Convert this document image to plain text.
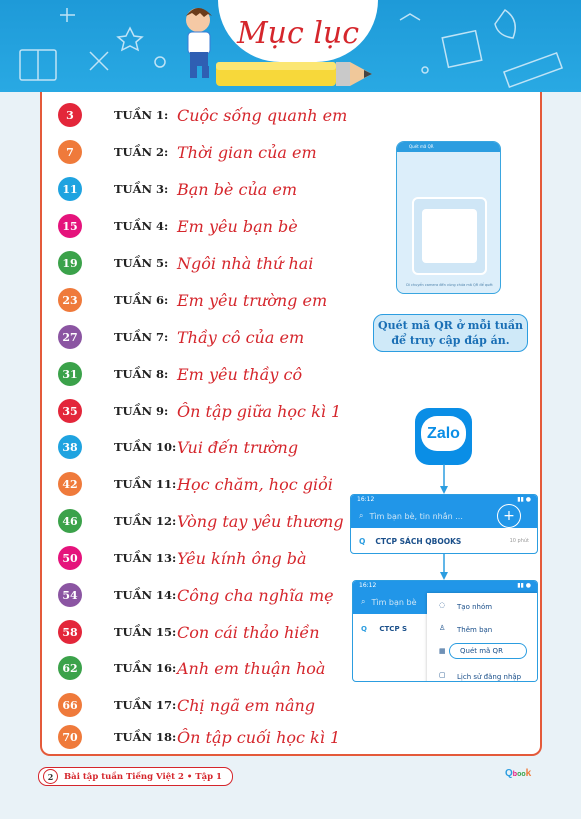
Mục lục
3	TUẦN 1: Cuộc sống quanh em
7	TUẦN 2: Thời gian của em
11	TUẦN 3: Bạn bè của em
15	TUẦN 4: Em yêu bạn bè
19	TUẦN 5: Ngôi nhà thứ hai
23	TUẦN 6: Em yêu trường em
27	TUẦN 7: Thầy cô của em
31	TUẦN 8: Em yêu thầy cô
35	TUẦN 9: Ôn tập giữa học kì 1
38	TUẦN 10: Vui đến trường
42	TUẦN 11: Học chăm, học giỏi
46	TUẦN 12: Vòng tay yêu thương
50	TUẦN 13: Yêu kính ông bà
54	TUẦN 14: Công cha nghĩa mẹ
58	TUẦN 15: Con cái thảo hiền
62	TUẦN 16: Anh em thuận hoà
66	TUẦN 17: Chị ngã em nâng
70	TUẦN 18: Ôn tập cuối học kì 1
Quét mã QR
Di chuyển camera đến vùng chứa mã QR để quét
Quét mã QR ở mỗi tuần
để truy cập đáp án.
Zalo
16:12	▮▮ ●
⌕ Tìm bạn bè, tin nhắn ...
Q CTCP SÁCH QBOOKS	10 phút
+
16:12	▮▮ ●
⌕ Tìm bạn bè
Q CTCP S
Tạo nhóm
Thêm bạn
Quét mã QR
Lịch sử đăng nhập
◌
♙
▦
▢
2	Bài tập tuần Tiếng Việt 2 • Tập 1	Qbook
